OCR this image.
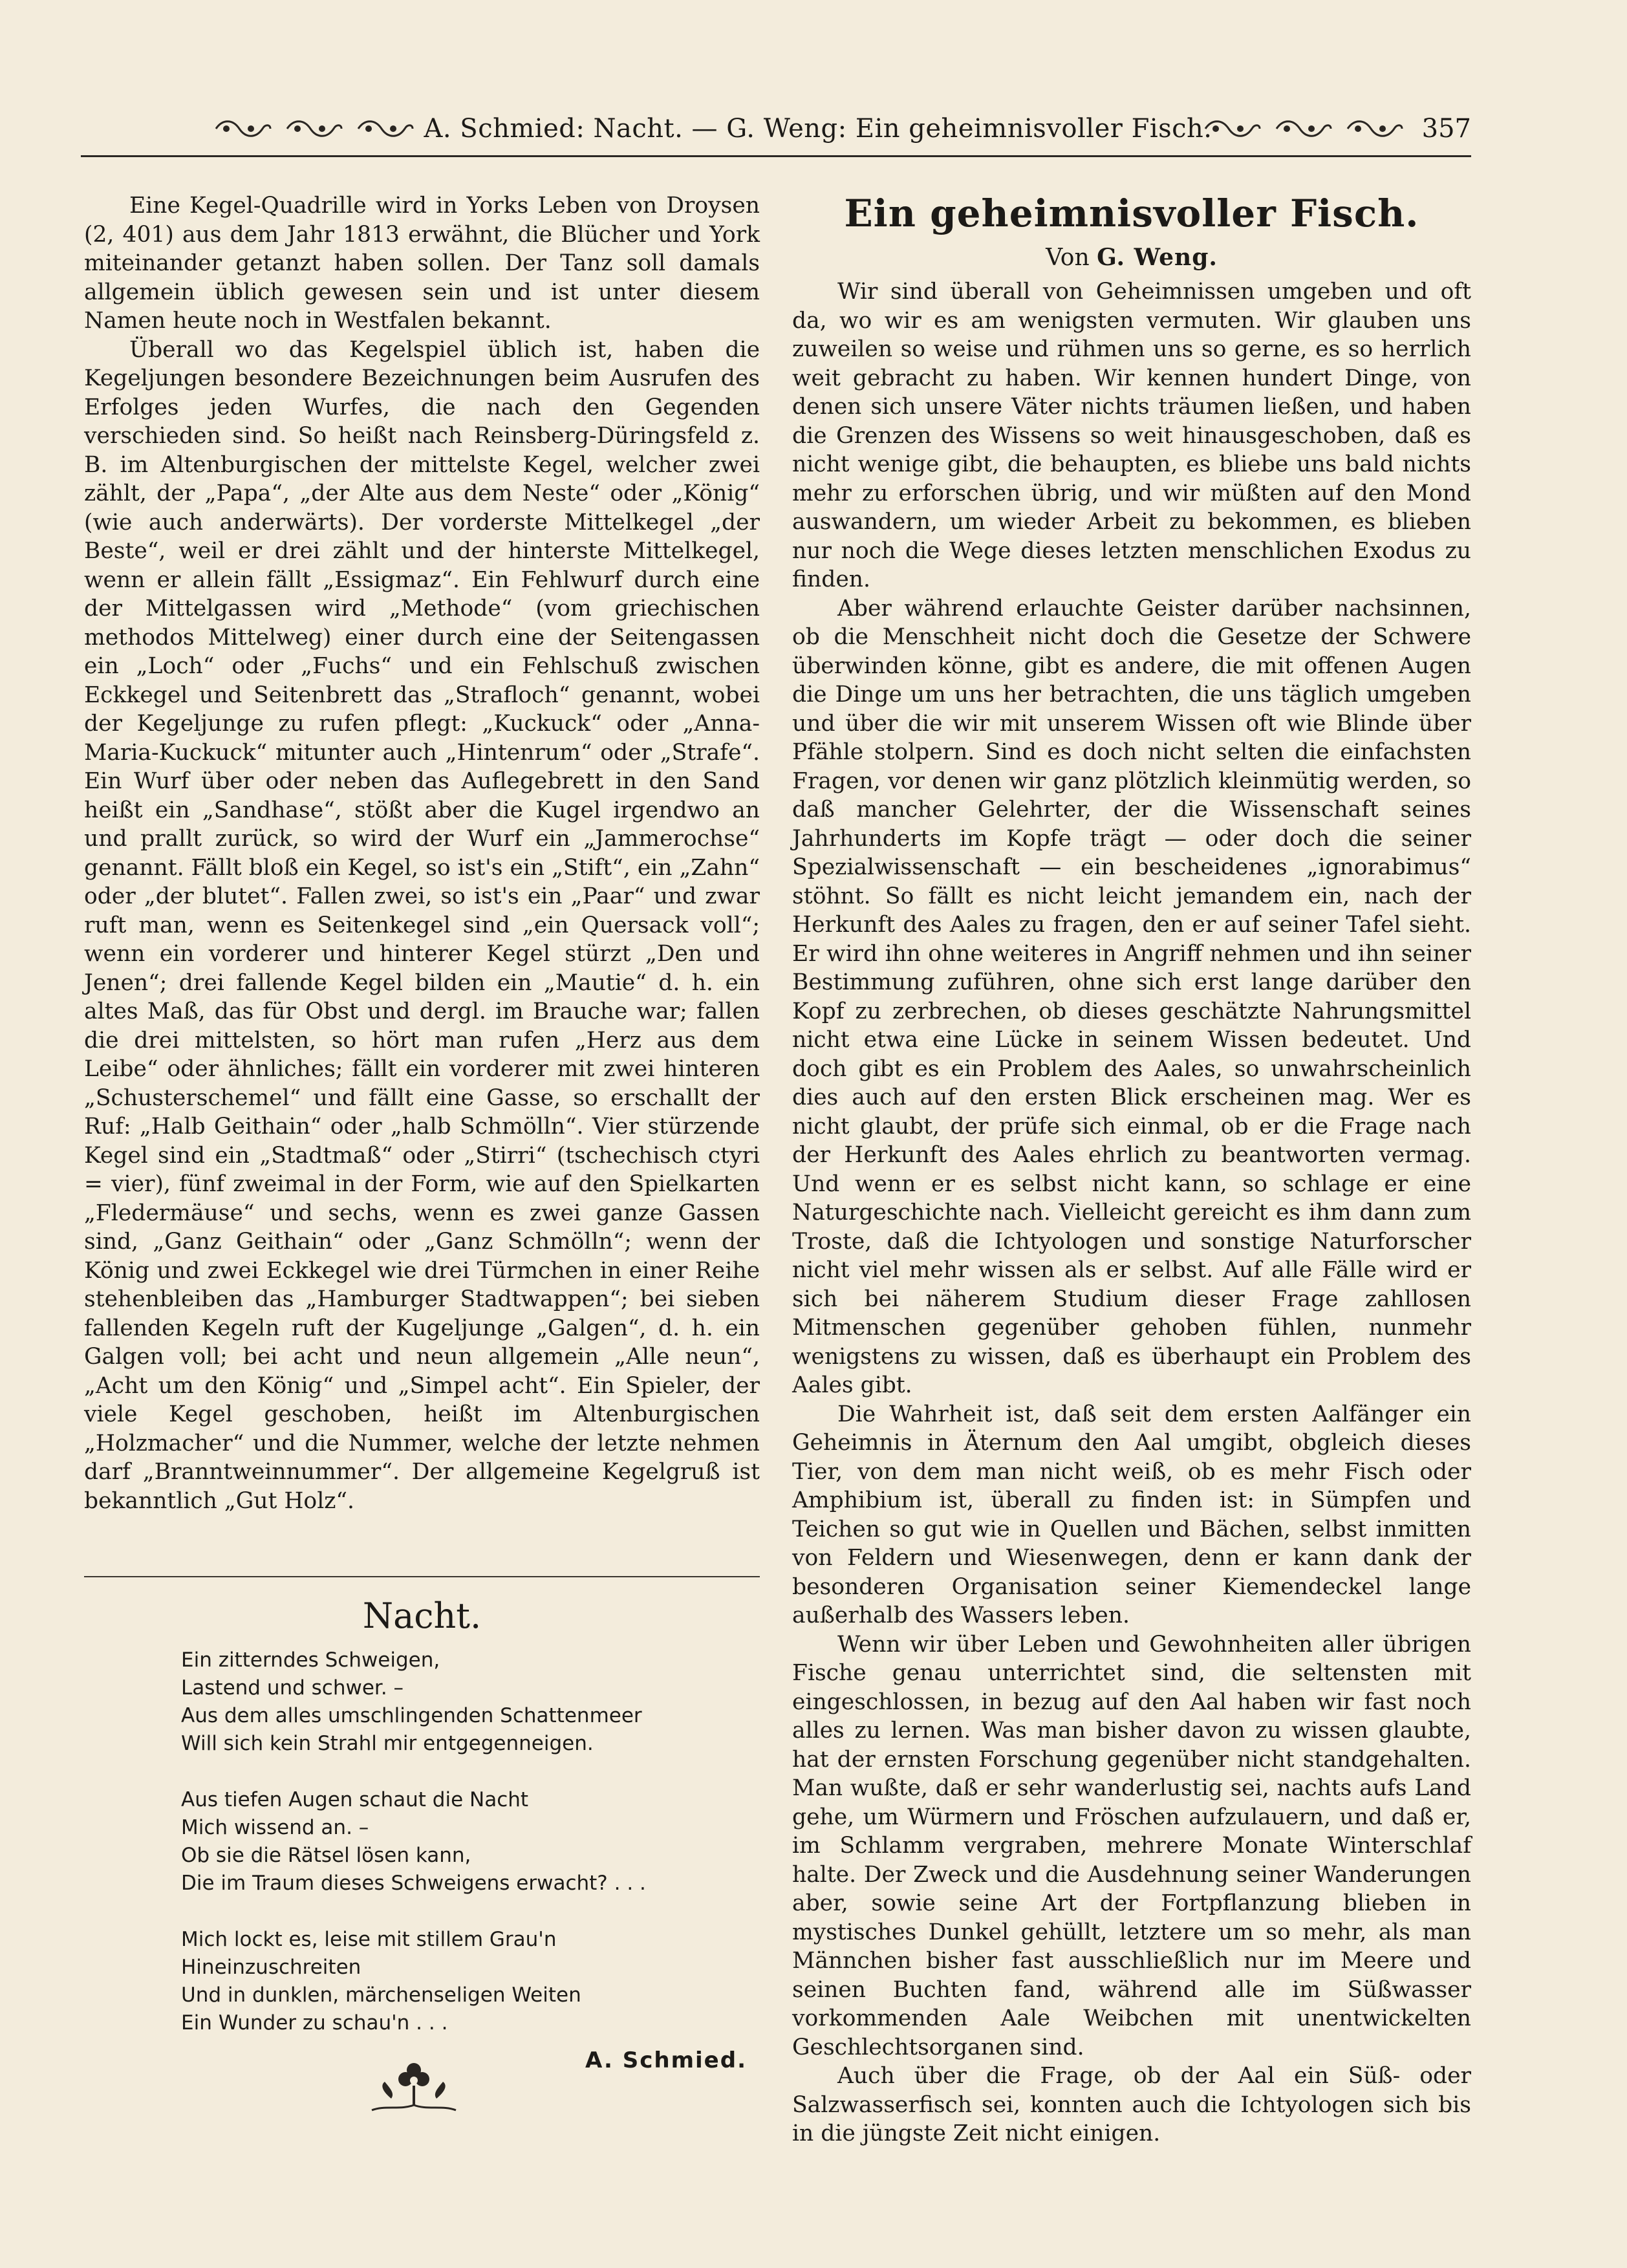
A. Schmied: Nacht. — G. Weng: Ein geheimnisvoller Fisch.	357

Eine Kegel-Quadrille wird in Yorks Leben von Droysen (2, 401) aus dem Jahr 1813 erwähnt, die Blücher und York miteinander getanzt haben sollen. Der Tanz soll damals allgemein üblich gewesen sein und ist unter diesem Namen heute noch in Westfalen bekannt.

Überall wo das Kegelspiel üblich ist, haben die Kegeljungen besondere Bezeichnungen beim Ausrufen des Erfolges jeden Wurfes, die nach den Gegenden verschieden sind. So heißt nach Reinsberg-Düringsfeld z. B. im Altenburgischen der mittelste Kegel, welcher zwei zählt, der „Papa“, „der Alte aus dem Neste“ oder „König“ (wie auch anderwärts). Der vorderste Mittelkegel „der Beste“, weil er drei zählt und der hinterste Mittelkegel, wenn er allein fällt „Essigmaz“. Ein Fehlwurf durch eine der Mittelgassen wird „Methode“ (vom griechischen methodos Mittelweg) einer durch eine der Seitengassen ein „Loch“ oder „Fuchs“ und ein Fehlschuß zwischen Eckkegel und Seitenbrett das „Strafloch“ genannt, wobei der Kegeljunge zu rufen pflegt: „Kuckuck“ oder „Anna-Maria-Kuckuck“ mitunter auch „Hintenrum“ oder „Strafe“. Ein Wurf über oder neben das Auflegebrett in den Sand heißt ein „Sandhase“, stößt aber die Kugel irgendwo an und prallt zurück, so wird der Wurf ein „Jammerochse“ genannt. Fällt bloß ein Kegel, so ist's ein „Stift“, ein „Zahn“ oder „der blutet“. Fallen zwei, so ist's ein „Paar“ und zwar ruft man, wenn es Seitenkegel sind „ein Quersack voll“; wenn ein vorderer und hinterer Kegel stürzt „Den und Jenen“; drei fallende Kegel bilden ein „Mautie“ d. h. ein altes Maß, das für Obst und dergl. im Brauche war; fallen die drei mittelsten, so hört man rufen „Herz aus dem Leibe“ oder ähnliches; fällt ein vorderer mit zwei hinteren „Schusterschemel“ und fällt eine Gasse, so erschallt der Ruf: „Halb Geithain“ oder „halb Schmölln“. Vier stürzende Kegel sind ein „Stadtmaß“ oder „Stirri“ (tschechisch ctyri = vier), fünf zweimal in der Form, wie auf den Spielkarten „Fledermäuse“ und sechs, wenn es zwei ganze Gassen sind, „Ganz Geithain“ oder „Ganz Schmölln“; wenn der König und zwei Eckkegel wie drei Türmchen in einer Reihe stehenbleiben das „Hamburger Stadtwappen“; bei sieben fallenden Kegeln ruft der Kugeljunge „Galgen“, d. h. ein Galgen voll; bei acht und neun allgemein „Alle neun“, „Acht um den König“ und „Simpel acht“. Ein Spieler, der viele Kegel geschoben, heißt im Altenburgischen „Holzmacher“ und die Nummer, welche der letzte nehmen darf „Branntweinnummer“. Der allgemeine Kegelgruß ist bekanntlich „Gut Holz“.

Nacht.
Ein zitterndes Schweigen,
Lastend und schwer. –
Aus dem alles umschlingenden Schattenmeer
Will sich kein Strahl mir entgegenneigen.
Aus tiefen Augen schaut die Nacht
Mich wissend an. –
Ob sie die Rätsel lösen kann,
Die im Traum dieses Schweigens erwacht? . . .
Mich lockt es, leise mit stillem Grau'n
Hineinzuschreiten
Und in dunklen, märchenseligen Weiten
Ein Wunder zu schau'n . . .
A. Schmied.
Ein geheimnisvoller Fisch.
Von G. Weng.

Wir sind überall von Geheimnissen umgeben und oft da, wo wir es am wenigsten vermuten. Wir glauben uns zuweilen so weise und rühmen uns so gerne, es so herrlich weit gebracht zu haben. Wir kennen hundert Dinge, von denen sich unsere Väter nichts träumen ließen, und haben die Grenzen des Wissens so weit hinausgeschoben, daß es nicht wenige gibt, die behaupten, es bliebe uns bald nichts mehr zu erforschen übrig, und wir müßten auf den Mond auswandern, um wieder Arbeit zu bekommen, es blieben nur noch die Wege dieses letzten menschlichen Exodus zu finden.

Aber während erlauchte Geister darüber nachsinnen, ob die Menschheit nicht doch die Gesetze der Schwere überwinden könne, gibt es andere, die mit offenen Augen die Dinge um uns her betrachten, die uns täglich umgeben und über die wir mit unserem Wissen oft wie Blinde über Pfähle stolpern. Sind es doch nicht selten die einfachsten Fragen, vor denen wir ganz plötzlich kleinmütig werden, so daß mancher Gelehrter, der die Wissenschaft seines Jahrhunderts im Kopfe trägt — oder doch die seiner Spezialwissenschaft — ein bescheidenes „ignorabimus“ stöhnt. So fällt es nicht leicht jemandem ein, nach der Herkunft des Aales zu fragen, den er auf seiner Tafel sieht. Er wird ihn ohne weiteres in Angriff nehmen und ihn seiner Bestimmung zuführen, ohne sich erst lange darüber den Kopf zu zerbrechen, ob dieses geschätzte Nahrungsmittel nicht etwa eine Lücke in seinem Wissen bedeutet. Und doch gibt es ein Problem des Aales, so unwahrscheinlich dies auch auf den ersten Blick erscheinen mag. Wer es nicht glaubt, der prüfe sich einmal, ob er die Frage nach der Herkunft des Aales ehrlich zu beantworten vermag. Und wenn er es selbst nicht kann, so schlage er eine Naturgeschichte nach. Vielleicht gereicht es ihm dann zum Troste, daß die Ichtyologen und sonstige Naturforscher nicht viel mehr wissen als er selbst. Auf alle Fälle wird er sich bei näherem Studium dieser Frage zahllosen Mitmenschen gegenüber gehoben fühlen, nunmehr wenigstens zu wissen, daß es überhaupt ein Problem des Aales gibt.

Die Wahrheit ist, daß seit dem ersten Aalfänger ein Geheimnis in Äternum den Aal umgibt, obgleich dieses Tier, von dem man nicht weiß, ob es mehr Fisch oder Amphibium ist, überall zu finden ist: in Sümpfen und Teichen so gut wie in Quellen und Bächen, selbst inmitten von Feldern und Wiesenwegen, denn er kann dank der besonderen Organisation seiner Kiemendeckel lange außerhalb des Wassers leben.

Wenn wir über Leben und Gewohnheiten aller übrigen Fische genau unterrichtet sind, die seltensten mit eingeschlossen, in bezug auf den Aal haben wir fast noch alles zu lernen. Was man bisher davon zu wissen glaubte, hat der ernsten Forschung gegenüber nicht standgehalten. Man wußte, daß er sehr wanderlustig sei, nachts aufs Land gehe, um Würmern und Fröschen aufzulauern, und daß er, im Schlamm vergraben, mehrere Monate Winterschlaf halte. Der Zweck und die Ausdehnung seiner Wanderungen aber, sowie seine Art der Fortpflanzung blieben in mystisches Dunkel gehüllt, letztere um so mehr, als man Männchen bisher fast ausschließlich nur im Meere und seinen Buchten fand, während alle im Süßwasser vorkommenden Aale Weibchen mit unentwickelten Geschlechtsorganen sind.

Auch über die Frage, ob der Aal ein Süß- oder Salzwasserfisch sei, konnten auch die Ichtyologen sich bis in die jüngste Zeit nicht einigen.
